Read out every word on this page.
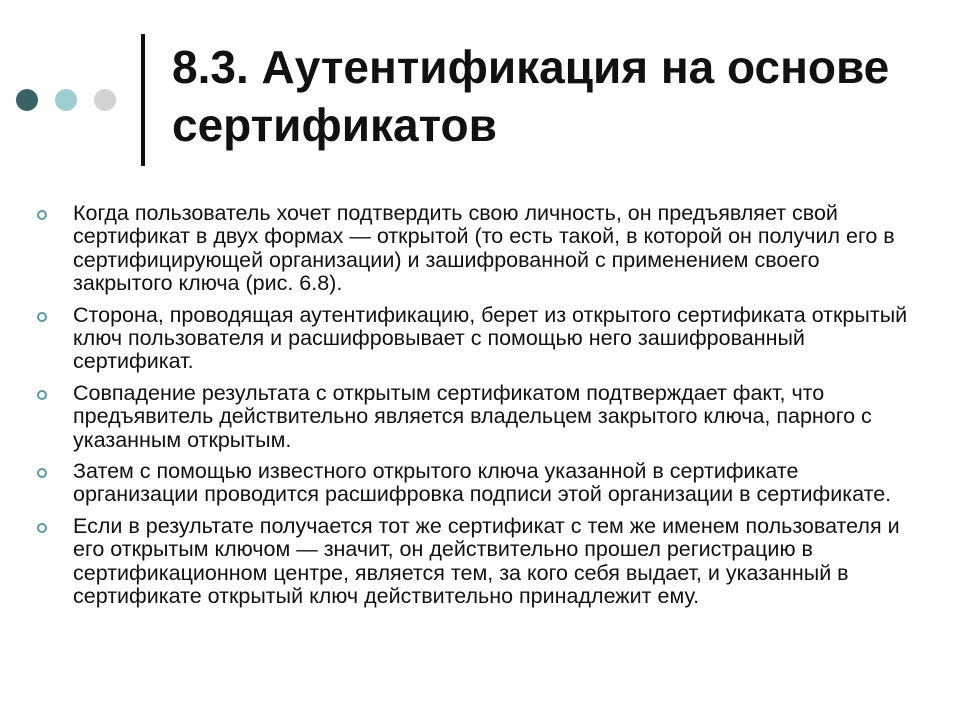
8.3. Аутентификация на основе сертификатов
Когда пользователь хочет подтвердить свою личность, он предъявляет свой сертификат в двух формах — открытой (то есть такой, в которой он получил его в сертифицирующей организации) и зашифрованной с применением своего закрытого ключа (рис. 6.8).
Сторона, проводящая аутентификацию, берет из открытого сертификата открытый ключ пользователя и расшифровывает с помощью него зашифрованный сертификат.
Совпадение результата с открытым сертификатом подтверждает факт, что предъявитель действительно является владельцем закрытого ключа, парного с указанным открытым.
Затем с помощью известного открытого ключа указанной в сертификате организации проводится расшифровка подписи этой организации в сертификате.
Если в результате получается тот же сертификат с тем же именем пользователя и его открытым ключом — значит, он действительно прошел регистрацию в сертификационном центре, является тем, за кого себя выдает, и указанный в сертификате открытый ключ действительно принадлежит ему.
